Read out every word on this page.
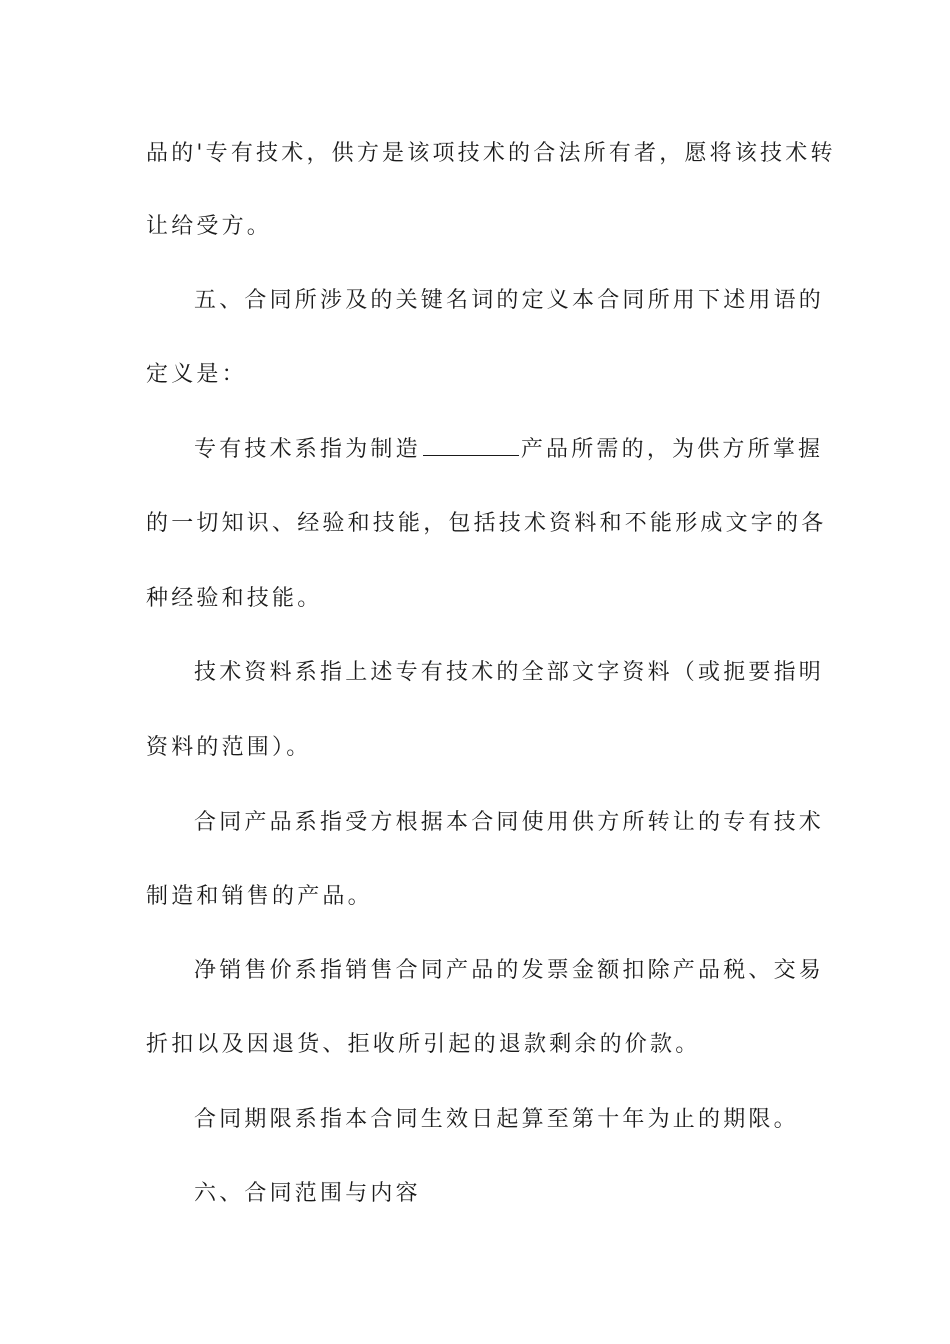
品的'专有技术，供方是该项技术的合法所有者，愿将该技术转
让给受方。
五、合同所涉及的关键名词的定义本合同所用下述用语的
定义是：
专有技术系指为制造	产品所需的，为供方所掌握
的一切知识、经验和技能，包括技术资料和不能形成文字的各
种经验和技能。
技术资料系指上述专有技术的全部文字资料（或扼要指明
资料的范围）。
合同产品系指受方根据本合同使用供方所转让的专有技术
制造和销售的产品。
净销售价系指销售合同产品的发票金额扣除产品税、交易
折扣以及因退货、拒收所引起的退款剩余的价款。
合同期限系指本合同生效日起算至第十年为止的期限。
六、合同范围与内容
